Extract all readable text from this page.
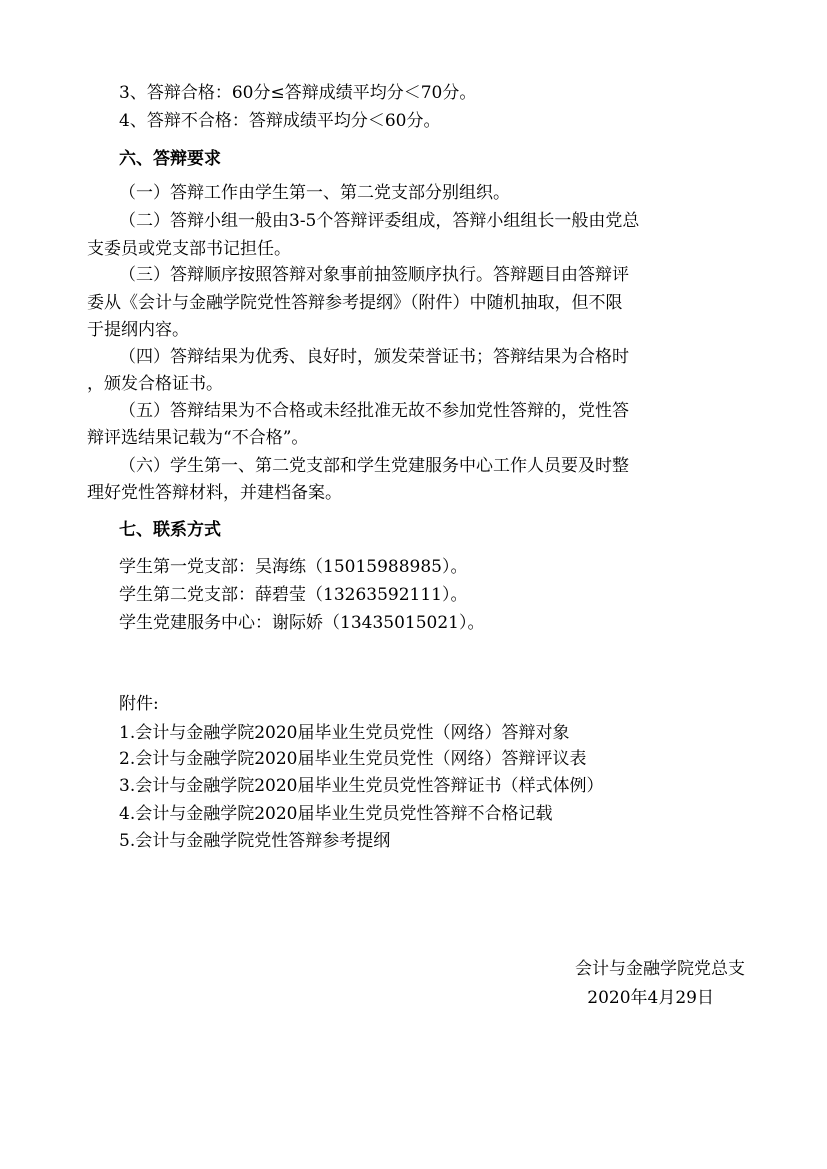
3、答辩合格：60分≤答辩成绩平均分＜70分。
4、答辩不合格：答辩成绩平均分＜60分。
六、答辩要求
（一）答辩工作由学生第一、第二党支部分别组织。
（二）答辩小组一般由3-5个答辩评委组成，答辩小组组长一般由党总
支委员或党支部书记担任。
（三）答辩顺序按照答辩对象事前抽签顺序执行。答辩题目由答辩评
委从《会计与金融学院党性答辩参考提纲》（附件）中随机抽取，但不限
于提纲内容。
（四）答辩结果为优秀、良好时，颁发荣誉证书；答辩结果为合格时
，颁发合格证书。
（五）答辩结果为不合格或未经批准无故不参加党性答辩的，党性答
辩评选结果记载为“不合格”。
（六）学生第一、第二党支部和学生党建服务中心工作人员要及时整
理好党性答辩材料，并建档备案。
七、联系方式
学生第一党支部：吴海练（15015988985）。
学生第二党支部：薛碧莹（13263592111）。
学生党建服务中心：谢际娇（13435015021）。
附件:
1.会计与金融学院2020届毕业生党员党性（网络）答辩对象
2.会计与金融学院2020届毕业生党员党性（网络）答辩评议表
3.会计与金融学院2020届毕业生党员党性答辩证书（样式体例）
4.会计与金融学院2020届毕业生党员党性答辩不合格记载
5.会计与金融学院党性答辩参考提纲
会计与金融学院党总支
2020年4月29日
